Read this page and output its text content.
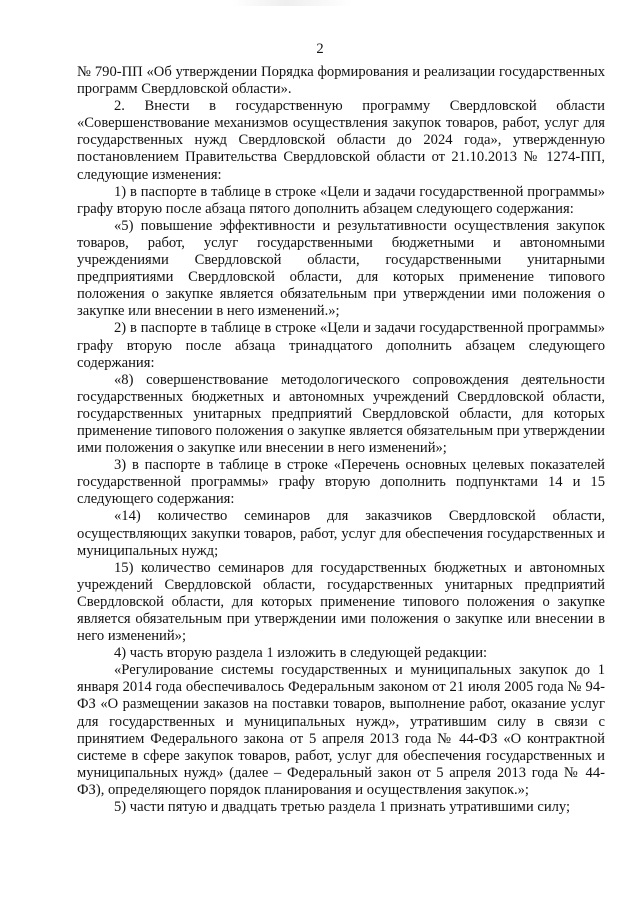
2

№ 790-ПП «Об утверждении Порядка формирования и реализации государственных программ Свердловской области».

2. Внести в государственную программу Свердловской области «Совершенствование механизмов осуществления закупок товаров, работ, услуг для государственных нужд Свердловской области до 2024 года», утвержденную постановлением Правительства Свердловской области от 21.10.2013 № 1274-ПП, следующие изменения:

1) в паспорте в таблице в строке «Цели и задачи государственной программы» графу вторую после абзаца пятого дополнить абзацем следующего содержания:

«5) повышение эффективности и результативности осуществления закупок товаров, работ, услуг государственными бюджетными и автономными учреждениями Свердловской области, государственными унитарными предприятиями Свердловской области, для которых применение типового положения о закупке является обязательным при утверждении ими положения о закупке или внесении в него изменений.»;

2) в паспорте в таблице в строке «Цели и задачи государственной программы» графу вторую после абзаца тринадцатого дополнить абзацем следующего содержания:

«8) совершенствование методологического сопровождения деятельности государственных бюджетных и автономных учреждений Свердловской области, государственных унитарных предприятий Свердловской области, для которых применение типового положения о закупке является обязательным при утверждении ими положения о закупке или внесении в него изменений»;

3) в паспорте в таблице в строке «Перечень основных целевых показателей государственной программы» графу вторую дополнить подпунктами 14 и 15 следующего содержания:

«14) количество семинаров для заказчиков Свердловской области, осуществляющих закупки товаров, работ, услуг для обеспечения государственных и муниципальных нужд;

15) количество семинаров для государственных бюджетных и автономных учреждений Свердловской области, государственных унитарных предприятий Свердловской области, для которых применение типового положения о закупке является обязательным при утверждении ими положения о закупке или внесении в него изменений»;

4) часть вторую раздела 1 изложить в следующей редакции:

«Регулирование системы государственных и муниципальных закупок до 1 января 2014 года обеспечивалось Федеральным законом от 21 июля 2005 года № 94-ФЗ «О размещении заказов на поставки товаров, выполнение работ, оказание услуг для государственных и муниципальных нужд», утратившим силу в связи с принятием Федерального закона от 5 апреля 2013 года № 44-ФЗ «О контрактной системе в сфере закупок товаров, работ, услуг для обеспечения государственных и муниципальных нужд» (далее – Федеральный закон от 5 апреля 2013 года № 44-ФЗ), определяющего порядок планирования и осуществления закупок.»;

5) части пятую и двадцать третью раздела 1 признать утратившими силу;
